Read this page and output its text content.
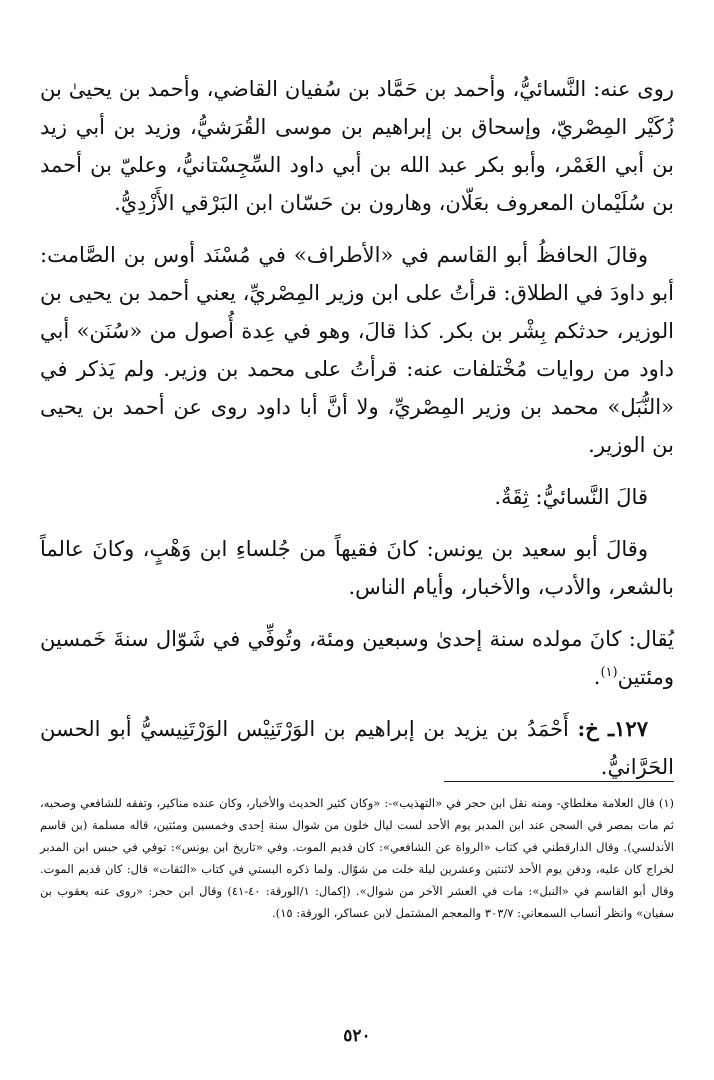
روى عنه: النَّسائيُّ، وأحمد بن حَمَّاد بن سُفيان القاضي، وأحمد بن يحيىٰ بن زُكَيْر المِصْريّ، وإسحاق بن إبراهيم بن موسى القُرَشيُّ، وزيد بن أبي زيد بن أبي الغَمْر، وأبو بكر عبد الله بن أبي داود السِّجِسْتانيُّ، وعليّ بن أحمد بن سُلَيْمان المعروف بعَلّان، وهارون بن حَسّان ابن البَرْقي الأَزْدِيُّ.

وقالَ الحافظُ أبو القاسم في «الأطراف» في مُسْنَد أوس بن الصَّامت: أبو داودَ في الطلاق: قرأتُ على ابن وزير المِصْريِّ، يعني أحمد بن يحيى بن الوزير، حدثكم بِشْر بن بكر. كذا قالَ، وهو في عِدة أُصول من «سُنَن» أبي داود من روايات مُخْتلفات عنه: قرأتُ على محمد بن وزير. ولم يَذكر في «النُّبَل» محمد بن وزير المِصْريِّ، ولا أنَّ أبا داود روى عن أحمد بن يحيى بن الوزير.

قالَ النَّسائيُّ: ثِقَةٌ.

وقالَ أبو سعيد بن يونس: كانَ فقيهاً من جُلساءِ ابن وَهْبٍ، وكانَ عالماً بالشعر، والأدب، والأخبار، وأيام الناس.

يُقال: كانَ مولده سنة إحدىٰ وسبعين ومئة، وتُوفِّي في شَوّال سنةَ خَمسين ومئتين$^{(١)}$.

١٢٧ـ خ: أَحْمَدُ بن يزيد بن إبراهيم بن الوَرْتَنِيْس الوَرْتَنِيسيُّ أبو الحسن الحَرَّانيُّ.

(١) قال العلامة مغلطاي- ومنه نقل ابن حجر في «التهذيب»-: «وكان كثير الحديث والأخبار، وكان عنده مناكير، وتفقه للشافعي وصحبه، ثم مات بمصر في السجن عند ابن المدبر يوم الأحد لست ليال خلون من شوال سنة إحدى وخمسين ومئتين، قاله مسلمة (بن قاسم الأندلسي). وقال الدارقطني في كتاب «الرواة عن الشافعي»: كان قديم الموت. وفي «تاريخ ابن يونس»: توفي في حبس ابن المدبر لخراج كان عليه، ودفن يوم الأحد لاثنتين وعشرين ليلة خلت من شوّال. ولما ذكره البستي في كتاب «الثقات» قال: كان قديم الموت. وقال أبو القاسم في «النبل»: مات في العشر الآخر من شوال». (إكمال: ١/الورقة: ٤٠-٤١) وقال ابن حجر: «روى عنه يعقوب بن سفيان» وانظر أنساب السمعاني: ٣٠٣/٧ والمعجم المشتمل لابن عساكر، الورقة: ١٥).

٥٢٠
